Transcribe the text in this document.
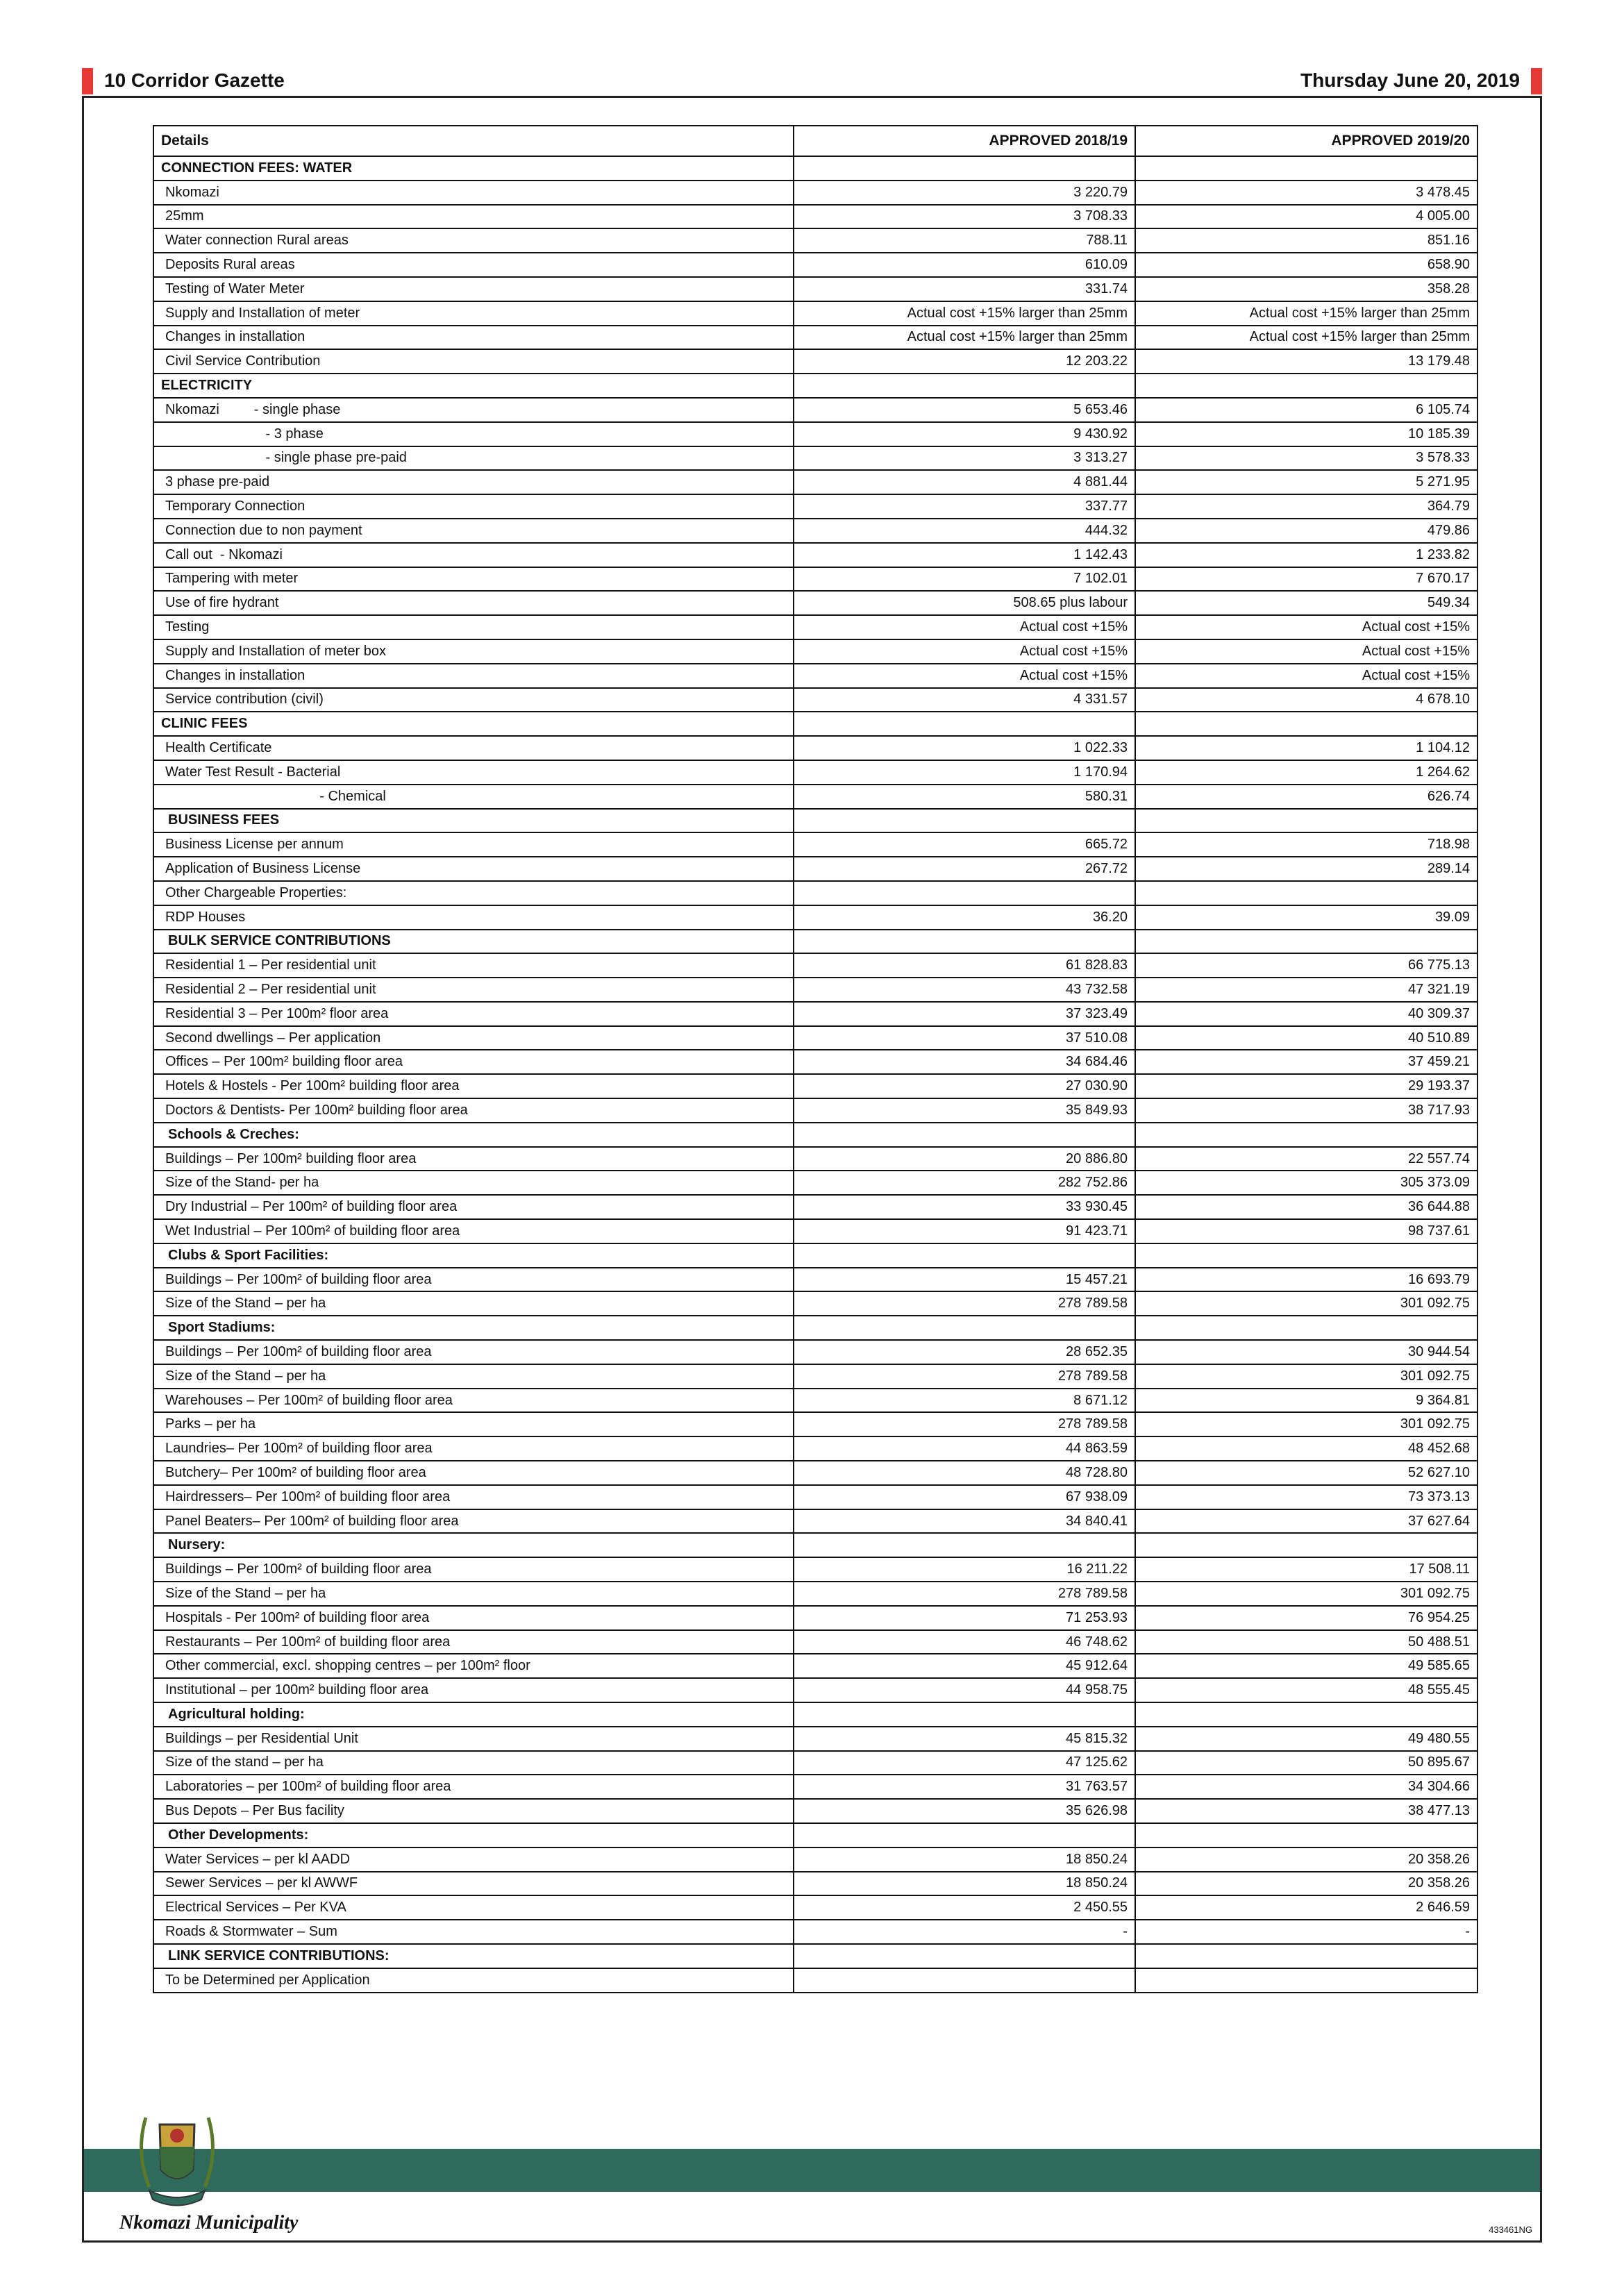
10 Corridor Gazette	Thursday June 20, 2019
Details	APPROVED 2018/19	APPROVED 2019/20
CONNECTION FEES: WATER		
Nkomazi	3 220.79	3 478.45
25mm	3 708.33	4 005.00
Water connection Rural areas	788.11	851.16
Deposits Rural areas	610.09	658.90
Testing of Water Meter	331.74	358.28
Supply and Installation of meter	Actual cost +15% larger than 25mm	Actual cost +15% larger than 25mm
Changes in installation	Actual cost +15% larger than 25mm	Actual cost +15% larger than 25mm
Civil Service Contribution	12 203.22	13 179.48
ELECTRICITY		
Nkomazi         - single phase	5 653.46	6 105.74
- 3 phase	9 430.92	10 185.39
- single phase pre-paid	3 313.27	3 578.33
3 phase pre-paid	4 881.44	5 271.95
Temporary Connection	337.77	364.79
Connection due to non payment	444.32	479.86
Call out  - Nkomazi	1 142.43	1 233.82
Tampering with meter	7 102.01	7 670.17
Use of fire hydrant	508.65 plus labour	549.34
Testing	Actual cost +15%	Actual cost +15%
Supply and Installation of meter box	Actual cost +15%	Actual cost +15%
Changes in installation	Actual cost +15%	Actual cost +15%
Service contribution (civil)	4 331.57	4 678.10
CLINIC FEES		
Health Certificate	1 022.33	1 104.12
Water Test Result - Bacterial	1 170.94	1 264.62
- Chemical	580.31	626.74
BUSINESS FEES		
Business License per annum	665.72	718.98
Application of Business License	267.72	289.14
Other Chargeable Properties:		
RDP Houses	36.20	39.09
BULK SERVICE CONTRIBUTIONS		
Residential 1 – Per residential unit	61 828.83	66 775.13
Residential 2 – Per residential unit	43 732.58	47 321.19
Residential 3 – Per 100m² floor area	37 323.49	40 309.37
Second dwellings – Per application	37 510.08	40 510.89
Offices – Per 100m² building floor area	34 684.46	37 459.21
Hotels & Hostels - Per 100m² building floor area	27 030.90	29 193.37
Doctors & Dentists- Per 100m² building floor area	35 849.93	38 717.93
Schools & Creches:		
Buildings – Per 100m² building floor area	20 886.80	22 557.74
Size of the Stand- per ha	282 752.86	305 373.09
Dry Industrial – Per 100m² of building floor area	33 930.45	36 644.88
Wet Industrial – Per 100m² of building floor area	91 423.71	98 737.61
Clubs & Sport Facilities:		
Buildings – Per 100m² of building floor area	15 457.21	16 693.79
Size of the Stand – per ha	278 789.58	301 092.75
Sport Stadiums:		
Buildings – Per 100m² of building floor area	28 652.35	30 944.54
Size of the Stand – per ha	278 789.58	301 092.75
Warehouses – Per 100m² of building floor area	8 671.12	9 364.81
Parks – per ha	278 789.58	301 092.75
Laundries– Per 100m² of building floor area	44 863.59	48 452.68
Butchery– Per 100m² of building floor area	48 728.80	52 627.10
Hairdressers– Per 100m² of building floor area	67 938.09	73 373.13
Panel Beaters– Per 100m² of building floor area	34 840.41	37 627.64
Nursery:		
Buildings – Per 100m² of building floor area	16 211.22	17 508.11
Size of the Stand – per ha	278 789.58	301 092.75
Hospitals - Per 100m² of building floor area	71 253.93	76 954.25
Restaurants – Per 100m² of building floor area	46 748.62	50 488.51
Other commercial, excl. shopping centres – per 100m² floor	45 912.64	49 585.65
Institutional – per 100m² building floor area	44 958.75	48 555.45
Agricultural holding:		
Buildings – per Residential Unit	45 815.32	49 480.55
Size of the stand – per ha	47 125.62	50 895.67
Laboratories – per 100m² of building floor area	31 763.57	34 304.66
Bus Depots – Per Bus facility	35 626.98	38 477.13
Other Developments:		
Water Services – per kl AADD	18 850.24	20 358.26
Sewer Services – per kl AWWF	18 850.24	20 358.26
Electrical Services – Per KVA	2 450.55	2 646.59
Roads & Stormwater – Sum	-	-
LINK SERVICE CONTRIBUTIONS:		
To be Determined per Application		
Nkomazi Municipality	433461NG
